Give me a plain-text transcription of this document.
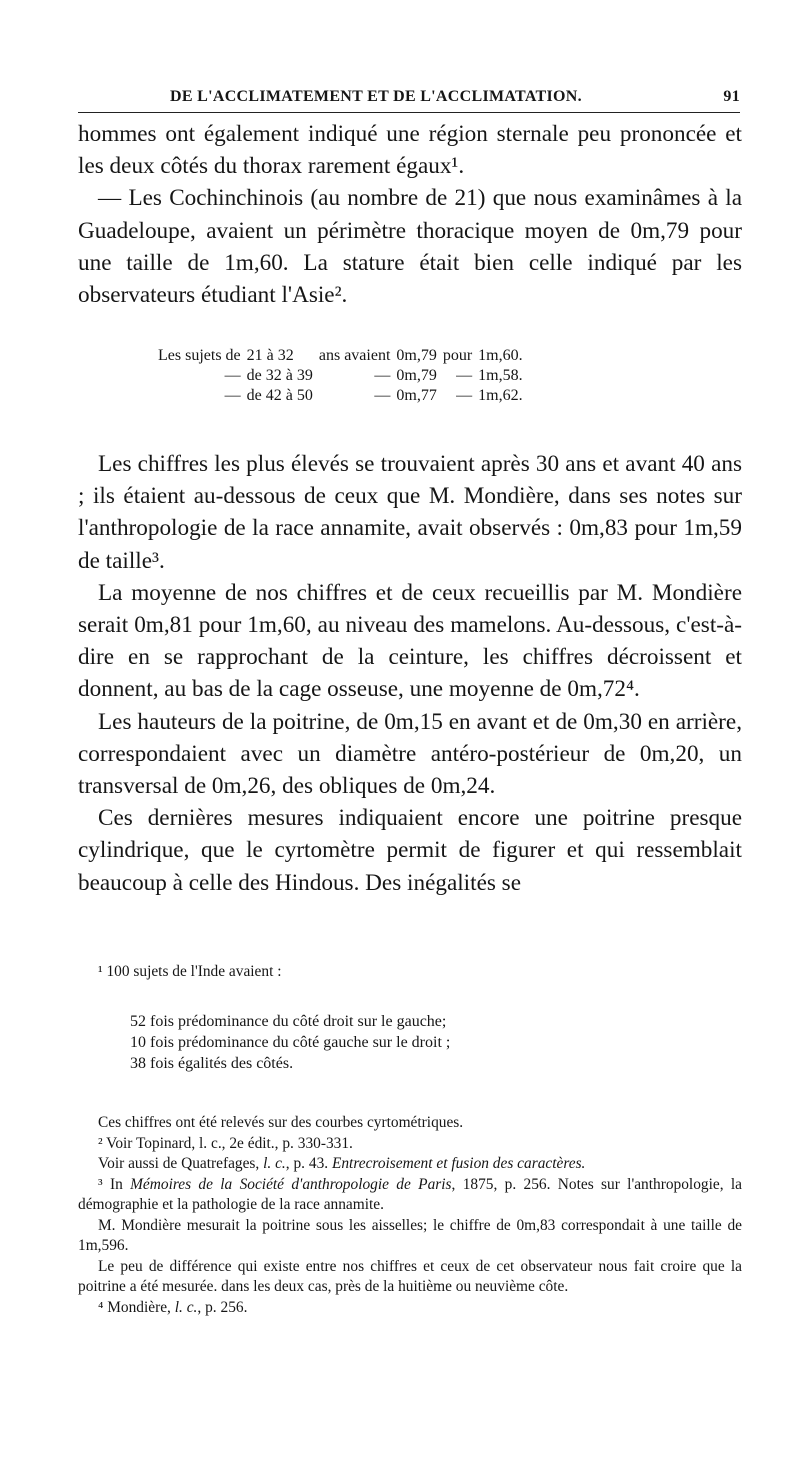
DE L'ACCLIMATEMENT ET DE L'ACCLIMATATION.	91

hommes ont également indiqué une région sternale peu prononcée et les deux côtés du thorax rarement égaux¹.

— Les Cochinchinois (au nombre de 21) que nous examinâmes à la Guadeloupe, avaient un périmètre thoracique moyen de 0m,79 pour une taille de 1m,60. La stature était bien celle indiqué par les observateurs étudiant l'Asie².

Les sujets de	21 à 32	ans avaient	0m,79	pour	1m,60.
—	de 32 à 39	—	0m,79	—	1m,58.
—	de 42 à 50	—	0m,77	—	1m,62.

Les chiffres les plus élevés se trouvaient après 30 ans et avant 40 ans ; ils étaient au-dessous de ceux que M. Mondière, dans ses notes sur l'anthropologie de la race annamite, avait observés : 0m,83 pour 1m,59 de taille³.

La moyenne de nos chiffres et de ceux recueillis par M. Mondière serait 0m,81 pour 1m,60, au niveau des mamelons. Au-dessous, c'est-à-dire en se rapprochant de la ceinture, les chiffres décroissent et donnent, au bas de la cage osseuse, une moyenne de 0m,72⁴.

Les hauteurs de la poitrine, de 0m,15 en avant et de 0m,30 en arrière, correspondaient avec un diamètre antéro-postérieur de 0m,20, un transversal de 0m,26, des obliques de 0m,24.

Ces dernières mesures indiquaient encore une poitrine presque cylindrique, que le cyrtomètre permit de figurer et qui ressemblait beaucoup à celle des Hindous. Des inégalités se

¹ 100 sujets de l'Inde avaient :

52 fois prédominance du côté droit sur le gauche;

10 fois prédominance du côté gauche sur le droit ;

38 fois égalités des côtés.

Ces chiffres ont été relevés sur des courbes cyrtométriques.

² Voir Topinard, l. c., 2e édit., p. 330-331.

Voir aussi de Quatrefages, l. c., p. 43. Entrecroisement et fusion des caractères.

³ In Mémoires de la Société d'anthropologie de Paris, 1875, p. 256. Notes sur l'anthropologie, la démographie et la pathologie de la race annamite.

M. Mondière mesurait la poitrine sous les aisselles; le chiffre de 0m,83 correspondait à une taille de 1m,596.

Le peu de différence qui existe entre nos chiffres et ceux de cet observateur nous fait croire que la poitrine a été mesurée. dans les deux cas, près de la huitième ou neuvième côte.

⁴ Mondière, l. c., p. 256.
